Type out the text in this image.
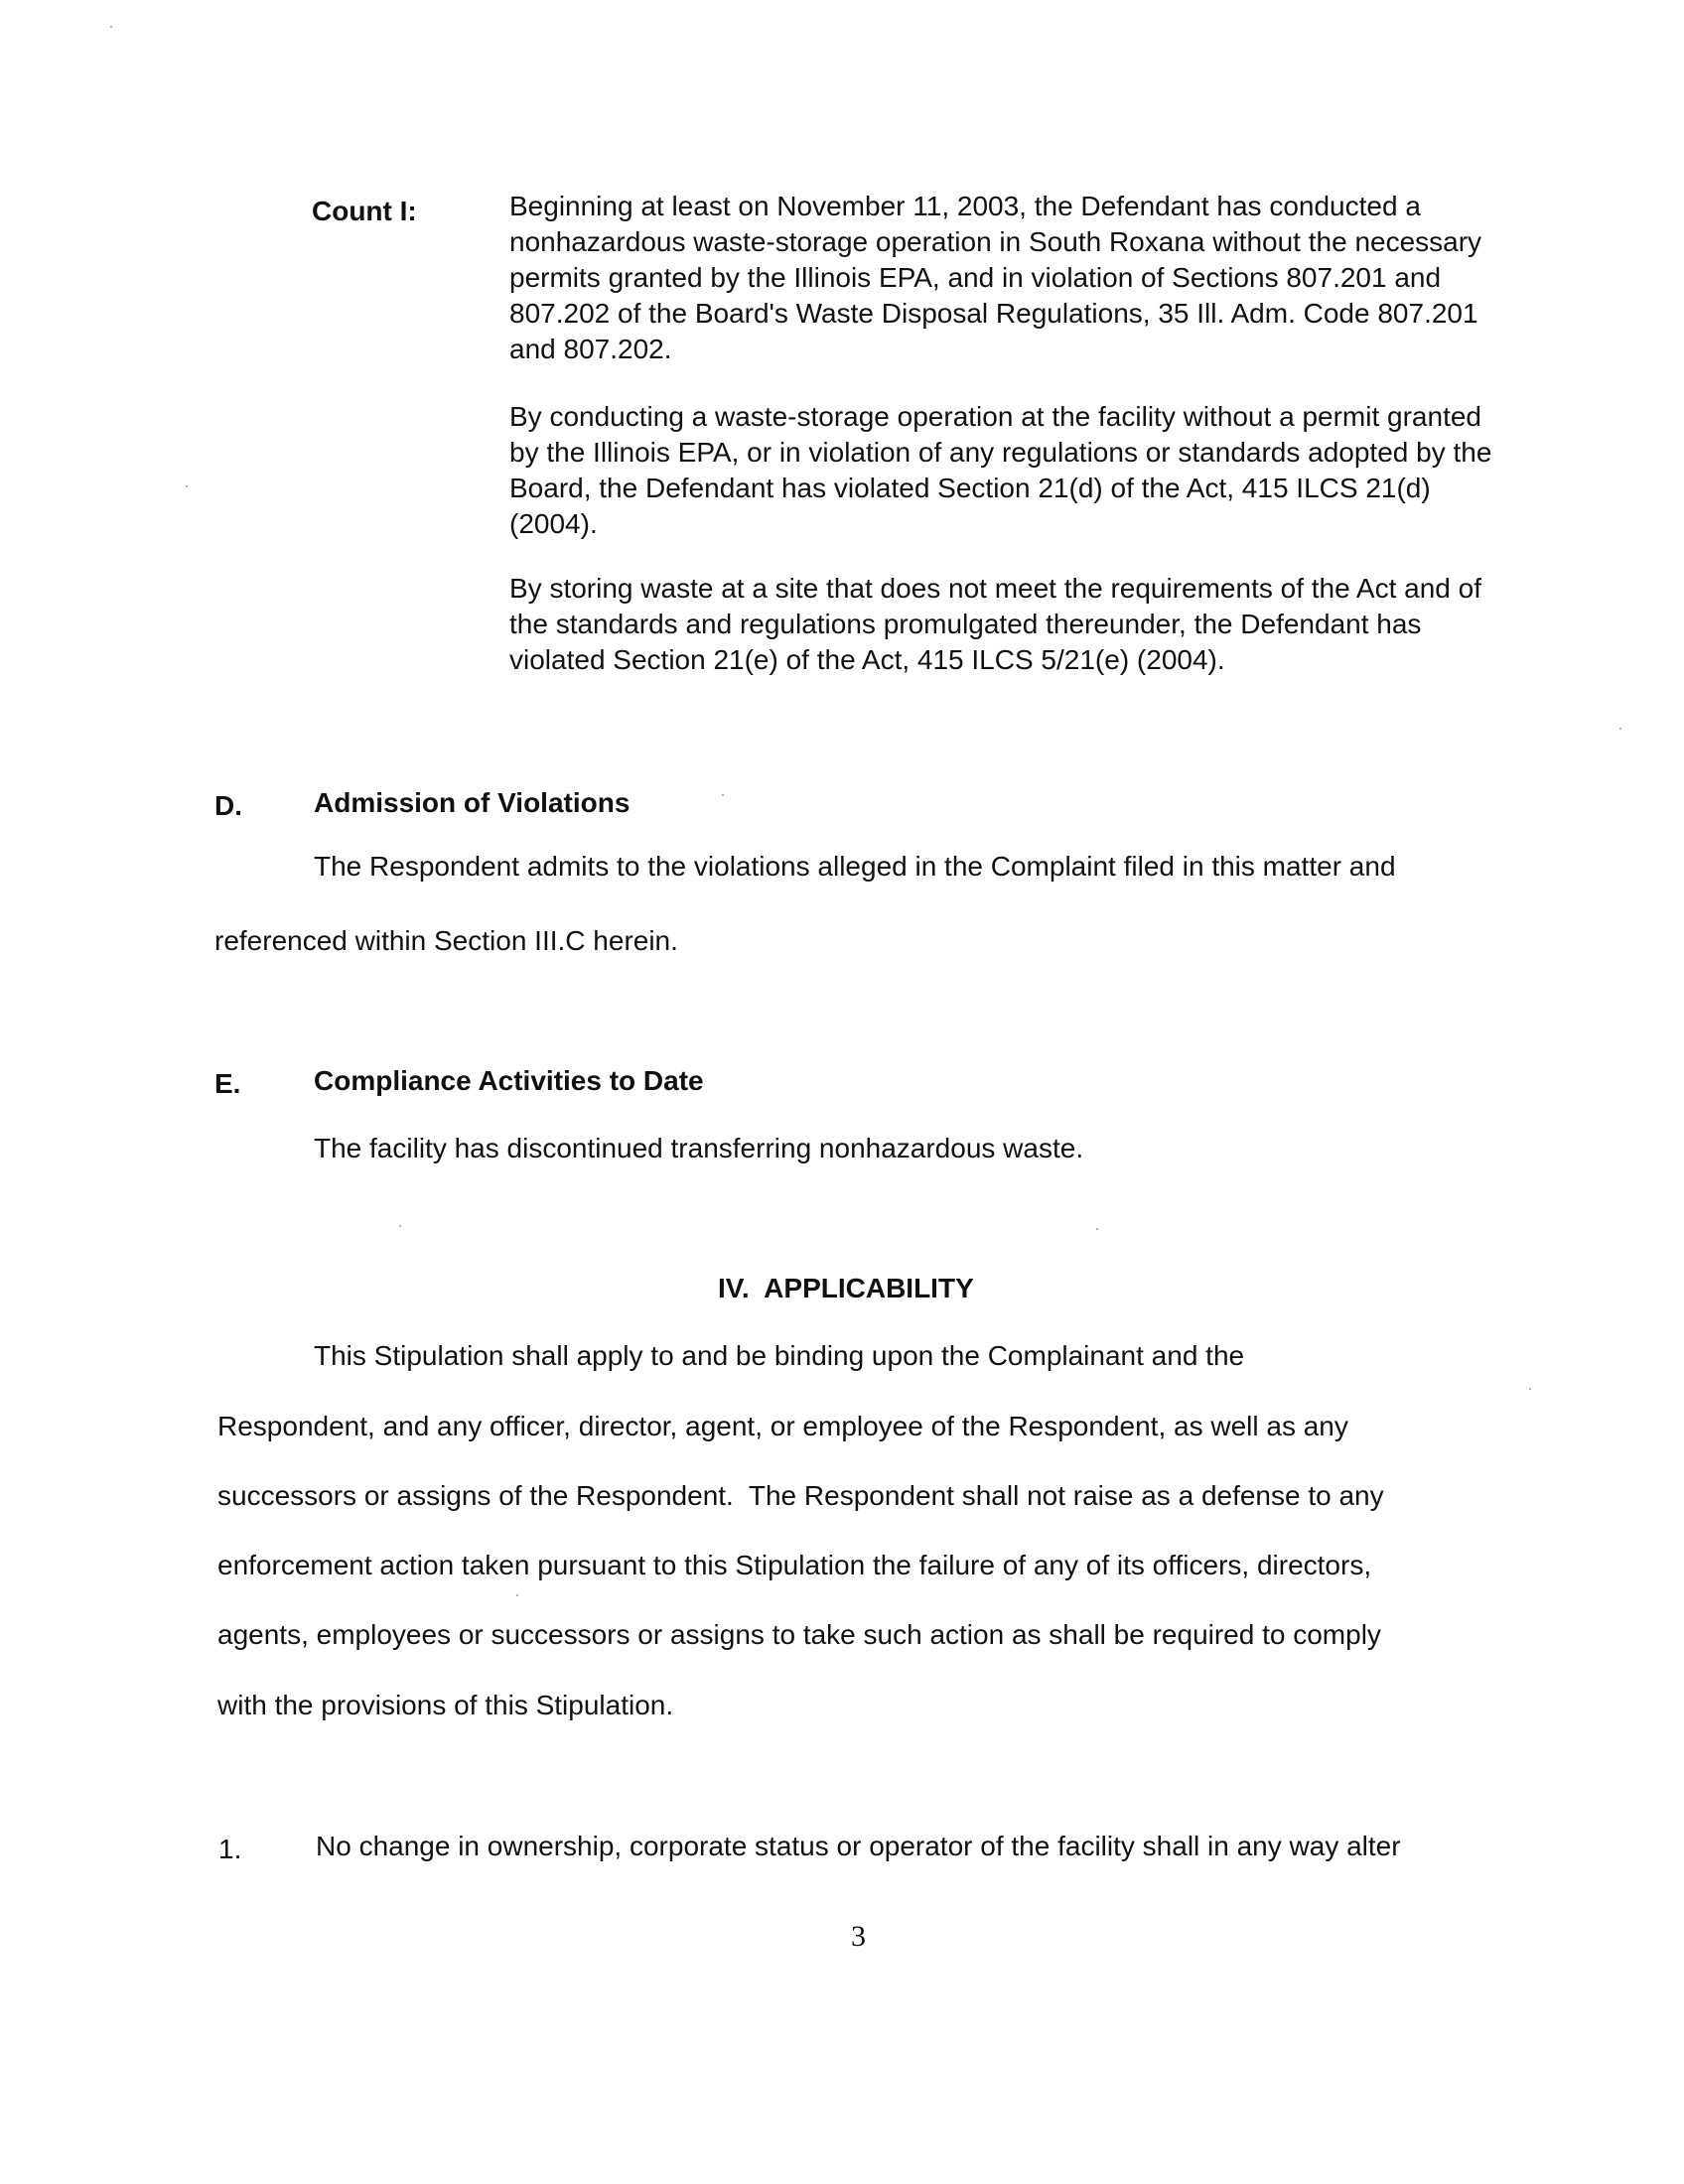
Count I:	Beginning at least on November 11, 2003, the Defendant has conducted a nonhazardous waste-storage operation in South Roxana without the necessary permits granted by the Illinois EPA, and in violation of Sections 807.201 and 807.202 of the Board's Waste Disposal Regulations, 35 Ill. Adm. Code 807.201 and 807.202.
By conducting a waste-storage operation at the facility without a permit granted by the Illinois EPA, or in violation of any regulations or standards adopted by the Board, the Defendant has violated Section 21(d) of the Act, 415 ILCS 21(d) (2004).
By storing waste at a site that does not meet the requirements of the Act and of the standards and regulations promulgated thereunder, the Defendant has violated Section 21(e) of the Act, 415 ILCS 5/21(e) (2004).
D.	Admission of Violations
The Respondent admits to the violations alleged in the Complaint filed in this matter and
referenced within Section III.C herein.
E.	Compliance Activities to Date
The facility has discontinued transferring nonhazardous waste.
IV.  APPLICABILITY
This Stipulation shall apply to and be binding upon the Complainant and the
Respondent, and any officer, director, agent, or employee of the Respondent, as well as any
successors or assigns of the Respondent.  The Respondent shall not raise as a defense to any
enforcement action taken pursuant to this Stipulation the failure of any of its officers, directors,
agents, employees or successors or assigns to take such action as shall be required to comply
with the provisions of this Stipulation.
1.	No change in ownership, corporate status or operator of the facility shall in any way alter
3
